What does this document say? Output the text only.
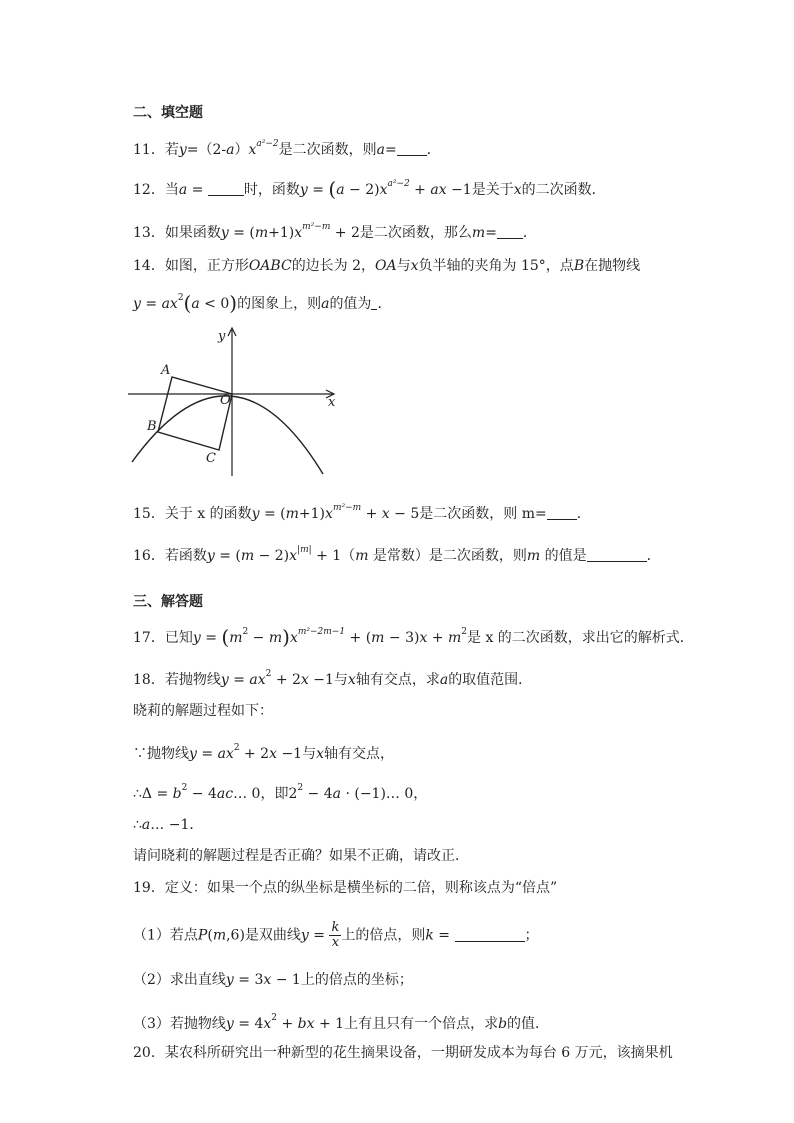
二、填空题
11．若$y=(2-a)x^{a^2-2}$是二次函数，则a= ．
12．当a =	时，函数$y = (a - 2)x^{a^2-2}$ + ax −1是关于x的二次函数．
13．如果函数$y = (m+1)x^{m^2-m} + 2$是二次函数，那么m= ．
14．如图，正方形OABC的边长为 2，OA与x负半轴的夹角为 15°，点B在抛物线
$y = ax^2(a < 0)$的图象上，则a的值为 ．
y
x
A
O
B
C
15．关于 x 的函数$y = (m+1)x^{m^2-m} + x - 5$是二次函数，则 m= ．
16．若函数$y = (m - 2)x^{|m|} + 1(m$ 是常数）是二次函数，则m 的值是	．
三、解答题
17．已知$y = (m^2 - m)x^{m^2-2m-1} + (m - 3)x + m^2$是 x 的二次函数，求出它的解析式．
18．若抛物线$y = ax^2 + 2x -1$与x轴有交点，求a的取值范围．
晓莉的解题过程如下：
∵抛物线$y = ax^2 + 2x -1$与x轴有交点，
∴Δ = $b^2$ − 4ac… 0，即$2^2 - 4a$ · (−1)… 0，
∴a… −1．
请问晓莉的解题过程是否正确？如果不正确，请改正．
19．定义：如果一个点的纵坐标是横坐标的二倍，则称该点为“倍点”
（1）若点P(m,6)是双曲线$y = \frac{k}{x}$ 上的倍点，则k =	；
（2）求出直线y = 3x − 1上的倍点的坐标；
（3）若抛物线$y = 4x^2$ + bx + 1上有且只有一个倍点，求b的值．
20．某农科所研究出一种新型的花生摘果设备，一期研发成本为每台 6 万元，该摘果机
